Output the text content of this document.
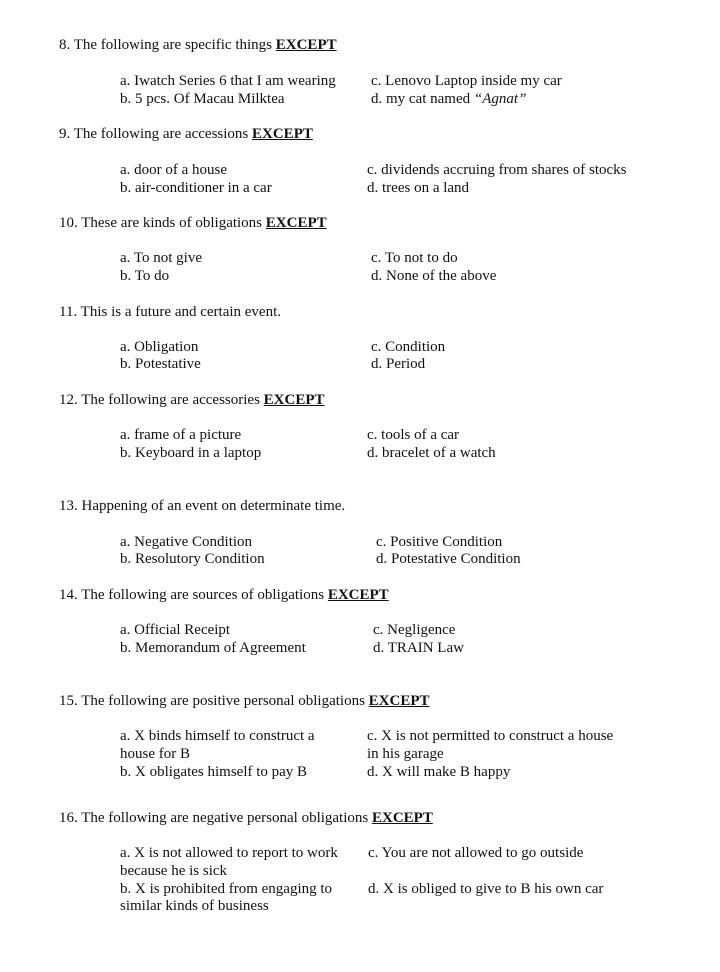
8. The following are specific things EXCEPT
a. Iwatch Series 6 that I am wearing
b. 5 pcs. Of Macau Milktea
c. Lenovo Laptop inside my car
d. my cat named “Agnat”
9. The following are accessions EXCEPT
a. door of a house
b. air-conditioner in a car
c. dividends accruing from shares of stocks
d. trees on a land
10. These are kinds of obligations EXCEPT
a. To not give
b. To do
c. To not to do
d. None of the above
11. This is a future and certain event.
a. Obligation
b. Potestative
c. Condition
d. Period
12. The following are accessories EXCEPT
a. frame of a picture
b. Keyboard in a laptop
c. tools of a car
d. bracelet of a watch
13. Happening of an event on determinate time.
a. Negative Condition
b. Resolutory Condition
c. Positive Condition
d. Potestative Condition
14. The following are sources of obligations EXCEPT
a. Official Receipt
b. Memorandum of Agreement
c. Negligence
d. TRAIN Law
15. The following are positive personal obligations EXCEPT
a. X binds himself to construct a
house for B
b. X obligates himself to pay B
c. X is not permitted to construct a house
in his garage
d. X will make B happy
16. The following are negative personal obligations EXCEPT
a. X is not allowed to report to work
because he is sick
b. X is prohibited from engaging to
similar kinds of business
c. You are not allowed to go outside
d. X is obliged to give to B his own car
